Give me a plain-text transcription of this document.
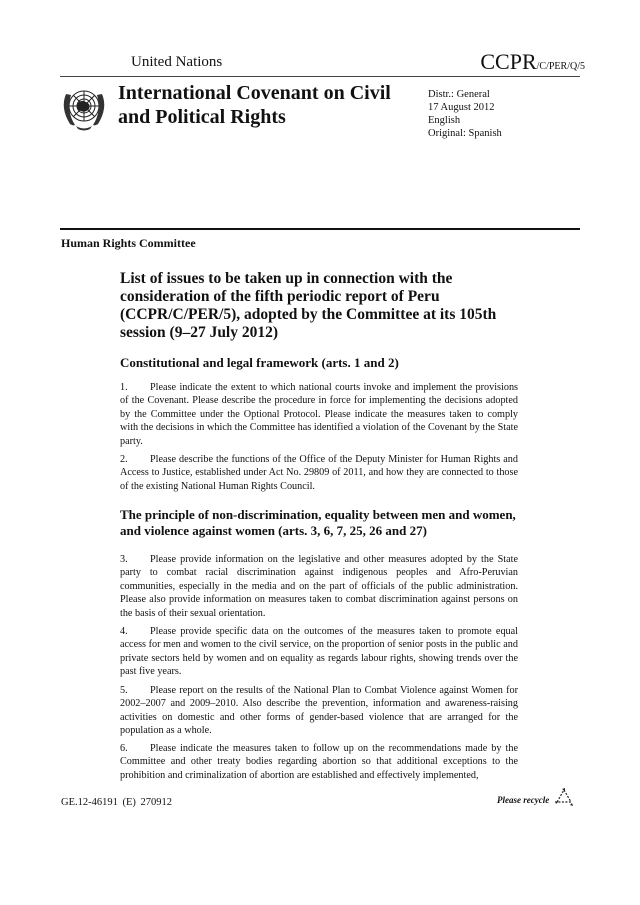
United Nations	CCPR/C/PER/Q/5
International Covenant on Civil and Political Rights
Distr.: General
17 August 2012
English
Original: Spanish
Human Rights Committee
List of issues to be taken up in connection with the consideration of the fifth periodic report of Peru (CCPR/C/PER/5), adopted by the Committee at its 105th session (9–27 July 2012)
Constitutional and legal framework (arts. 1 and 2)
1. Please indicate the extent to which national courts invoke and implement the provisions of the Covenant. Please describe the procedure in force for implementing the decisions adopted by the Committee under the Optional Protocol. Please indicate the measures taken to comply with the decisions in which the Committee has identified a violation of the Covenant by the State party.
2. Please describe the functions of the Office of the Deputy Minister for Human Rights and Access to Justice, established under Act No. 29809 of 2011, and how they are connected to those of the existing National Human Rights Council.
The principle of non-discrimination, equality between men and women, and violence against women (arts. 3, 6, 7, 25, 26 and 27)
3. Please provide information on the legislative and other measures adopted by the State party to combat racial discrimination against indigenous peoples and Afro-Peruvian communities, especially in the media and on the part of officials of the public administration. Please also provide information on measures taken to combat discrimination against persons on the basis of their sexual orientation.
4. Please provide specific data on the outcomes of the measures taken to promote equal access for men and women to the civil service, on the proportion of senior posts in the public and private sectors held by women and on equality as regards labour rights, showing trends over the past five years.
5. Please report on the results of the National Plan to Combat Violence against Women for 2002–2007 and 2009–2010. Also describe the prevention, information and awareness-raising activities on domestic and other forms of gender-based violence that are arranged for the population as a whole.
6. Please indicate the measures taken to follow up on the recommendations made by the Committee and other treaty bodies regarding abortion so that additional exceptions to the prohibition and criminalization of abortion are established and effectively implemented,
GE.12-46191 (E) 270912	Please recycle
